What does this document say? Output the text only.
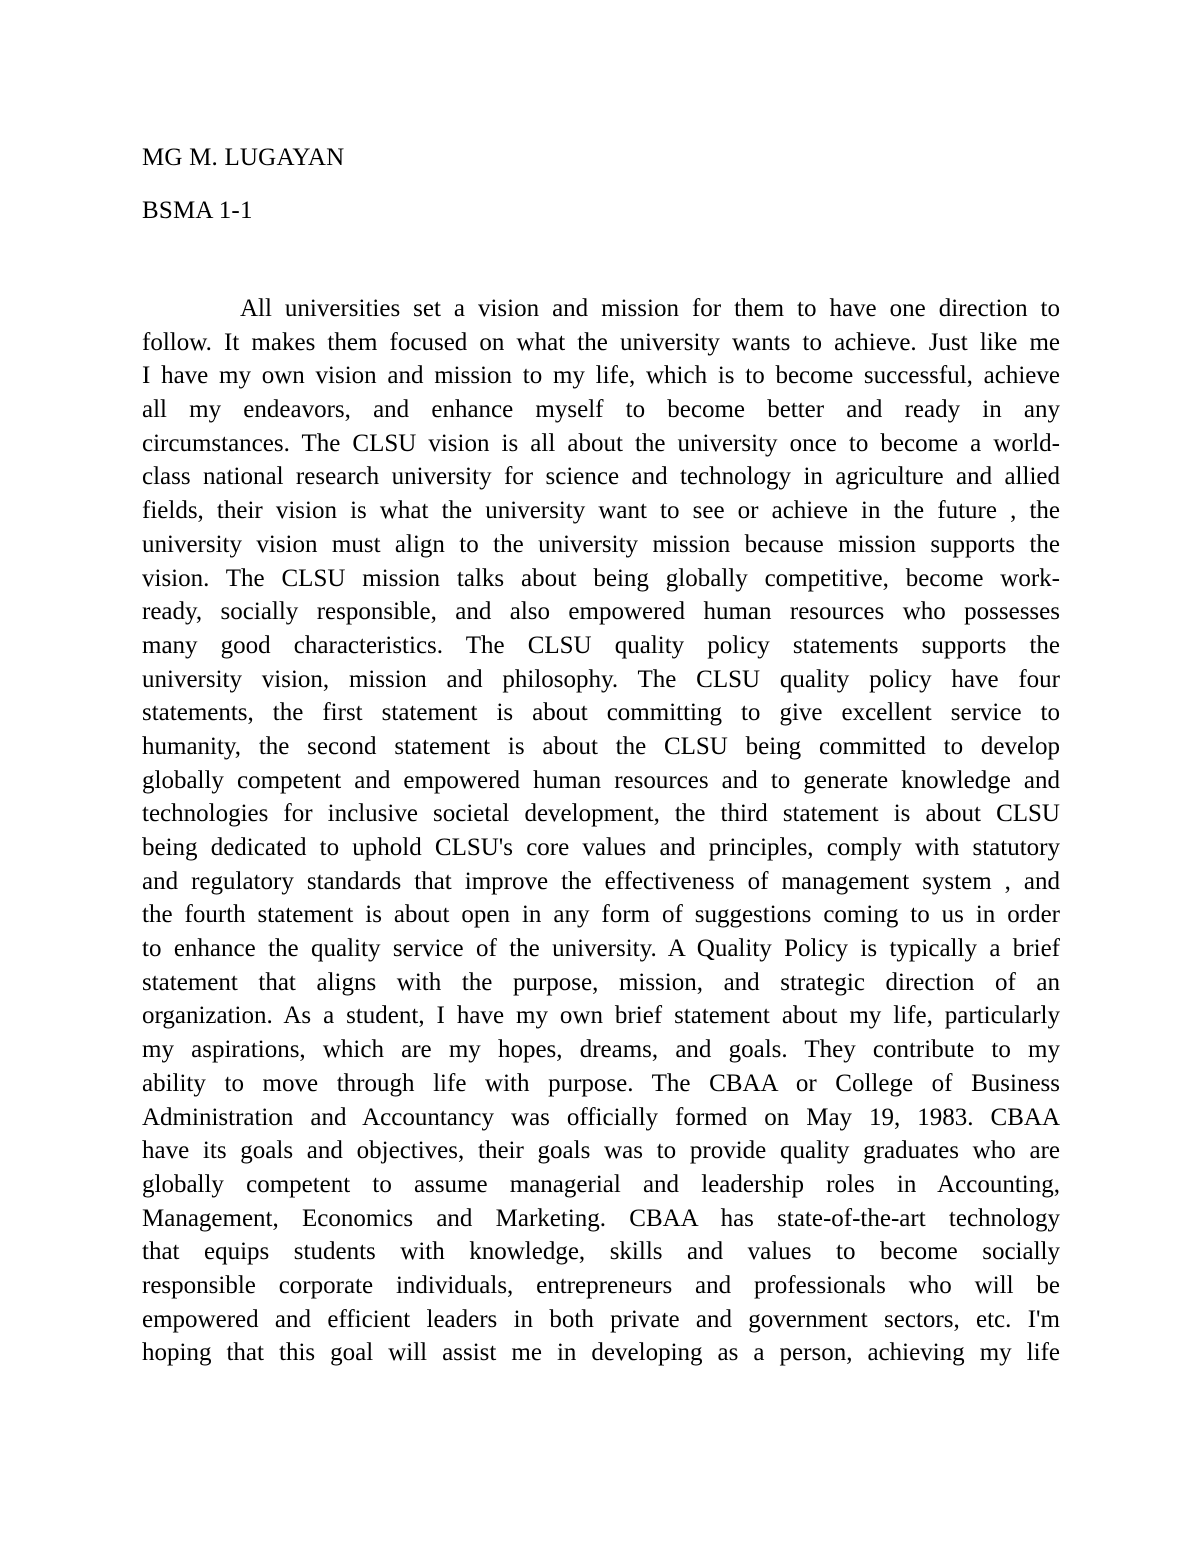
MG M. LUGAYAN
BSMA 1-1
All universities set a vision and mission for them to have one direction to
follow. It makes them focused on what the university wants to achieve. Just like me
I have my own vision and mission to my life, which is to become successful, achieve
all my endeavors, and enhance myself to become better and ready in any
circumstances. The CLSU vision is all about the university once to become a world-
class national research university for science and technology in agriculture and allied
fields, their vision is what the university want to see or achieve in the future , the
university vision must align to the university mission because mission supports the
vision. The CLSU mission talks about being globally competitive, become work-
ready, socially responsible, and also empowered human resources who possesses
many good characteristics. The CLSU quality policy statements supports the
university vision, mission and philosophy. The CLSU quality policy have four
statements, the first statement is about committing to give excellent service to
humanity, the second statement is about the CLSU being committed to develop
globally competent and empowered human resources and to generate knowledge and
technologies for inclusive societal development, the third statement is about CLSU
being dedicated to uphold CLSU's core values and principles, comply with statutory
and regulatory standards that improve the effectiveness of management system , and
the fourth statement is about open in any form of suggestions coming to us in order
to enhance the quality service of the university. A Quality Policy is typically a brief
statement that aligns with the purpose, mission, and strategic direction of an
organization. As a student, I have my own brief statement about my life, particularly
my aspirations, which are my hopes, dreams, and goals. They contribute to my
ability to move through life with purpose. The CBAA or College of Business
Administration and Accountancy was officially formed on May 19, 1983. CBAA
have its goals and objectives, their goals was to provide quality graduates who are
globally competent to assume managerial and leadership roles in Accounting,
Management, Economics and Marketing. CBAA has state-of-the-art technology
that equips students with knowledge, skills and values to become socially
responsible corporate individuals, entrepreneurs and professionals who will be
empowered and efficient leaders in both private and government sectors, etc. I'm
hoping that this goal will assist me in developing as a person, achieving my life
